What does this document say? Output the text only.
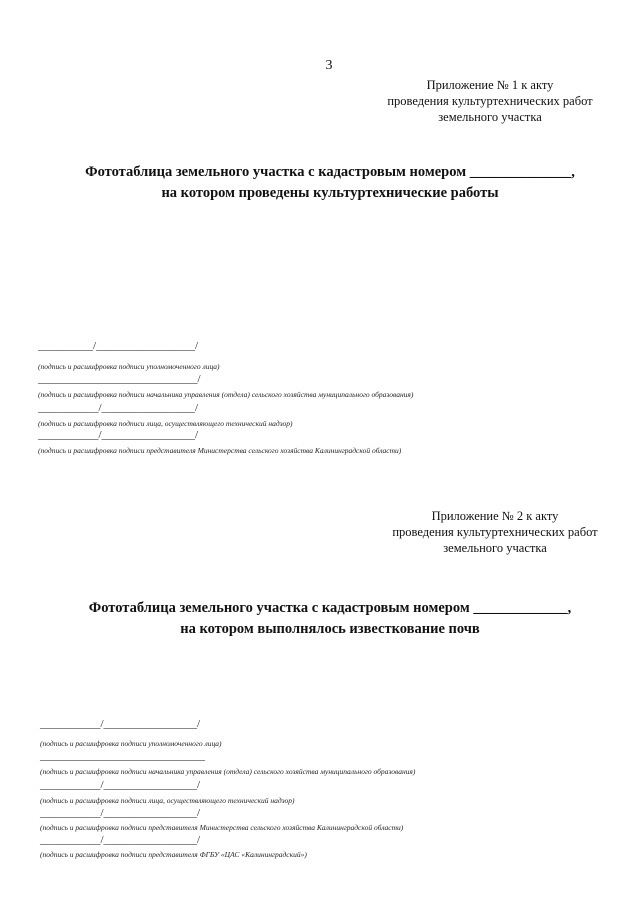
3
Приложение № 1 к акту
проведения культуртехнических работ
земельного участка
Фототаблица земельного участка с кадастровым номером ______________,
на котором проведены культуртехнические работы
__________/__________________/
(подпись и расшифровка подписи уполномоченного лица)
_____________________________/
(подпись и расшифровка подписи начальника управления (отдела) сельского хозяйства муниципального образования)
___________/_________________/
(подпись и расшифровка подписи лица, осуществляющего технический надзор)
___________/_________________/
(подпись и расшифровка подписи представителя Министерства сельского хозяйства Калининградской области)
Приложение № 2 к акту
проведения культуртехнических работ
земельного участка
Фототаблица земельного участка с кадастровым номером _____________,
на котором выполнялось известкование почв
___________/_________________/
(подпись и расшифровка подписи уполномоченного лица)
______________________________
(подпись и расшифровка подписи начальника управления (отдела) сельского хозяйства муниципального образования)
___________/_________________/
(подпись и расшифровка подписи лица, осуществляющего технический надзор)
___________/_________________/
(подпись и расшифровка подписи представителя Министерства сельского хозяйства Калининградской области)
___________/_________________/
(подпись и расшифровка подписи представителя ФГБУ «ЦАС «Калининградский»)
